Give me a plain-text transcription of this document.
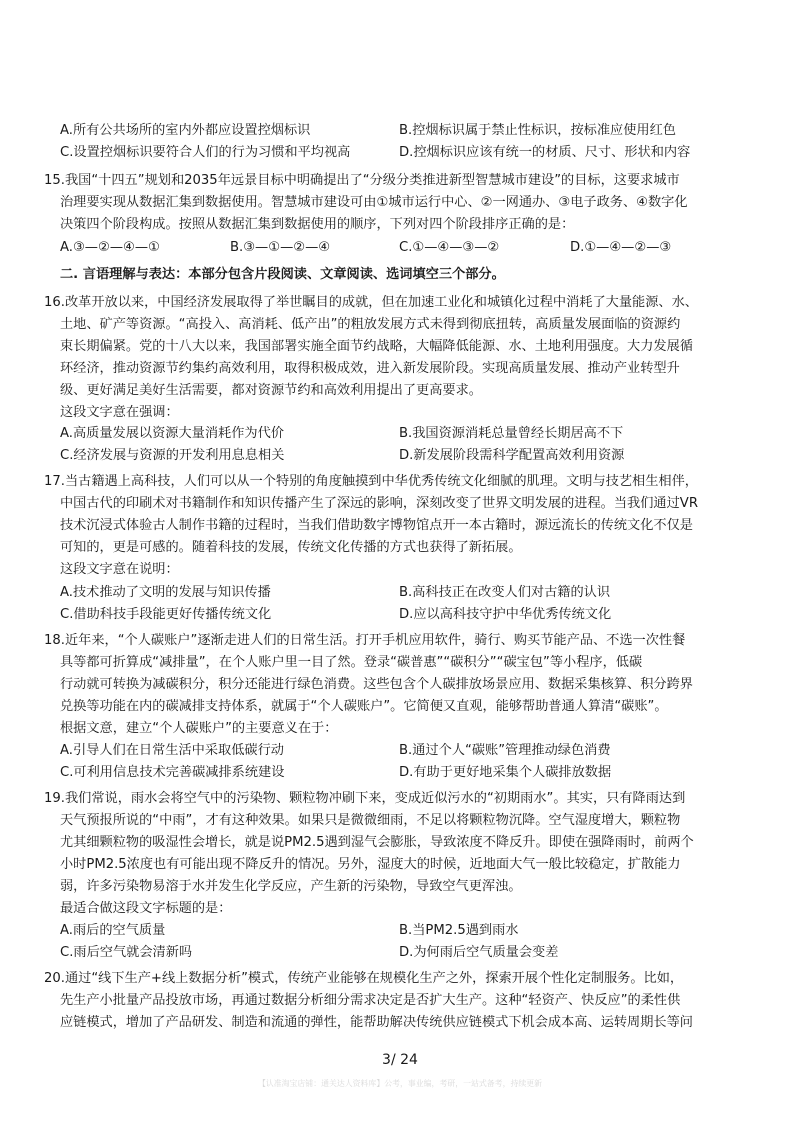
A.所有公共场所的室内外都应设置控烟标识	B.控烟标识属于禁止性标识，按标准应使用红色
C.设置控烟标识要符合人们的行为习惯和平均视高	D.控烟标识应该有统一的材质、尺寸、形状和内容
15.我国“十四五”规划和2035年远景目标中明确提出了“分级分类推进新型智慧城市建设”的目标，这要求城市
治理要实现从数据汇集到数据使用。智慧城市建设可由①城市运行中心、②一网通办、③电子政务、④数字化
决策四个阶段构成。按照从数据汇集到数据使用的顺序，下列对四个阶段排序正确的是：
A.③—②—④—①	B.③—①—②—④	C.①—④—③—②	D.①—④—②—③
二. 言语理解与表达：本部分包含片段阅读、文章阅读、选词填空三个部分。
16.改革开放以来，中国经济发展取得了举世瞩目的成就，但在加速工业化和城镇化过程中消耗了大量能源、水、
土地、矿产等资源。“高投入、高消耗、低产出”的粗放发展方式未得到彻底扭转，高质量发展面临的资源约
束长期偏紧。党的十八大以来，我国部署实施全面节约战略，大幅降低能源、水、土地利用强度。大力发展循
环经济，推动资源节约集约高效利用，取得积极成效，进入新发展阶段。实现高质量发展、推动产业转型升
级、更好满足美好生活需要，都对资源节约和高效利用提出了更高要求。
这段文字意在强调：
A.高质量发展以资源大量消耗作为代价	B.我国资源消耗总量曾经长期居高不下
C.经济发展与资源的开发利用息息相关	D.新发展阶段需科学配置高效利用资源
17.当古籍遇上高科技，人们可以从一个特别的角度触摸到中华优秀传统文化细腻的肌理。文明与技艺相生相伴，
中国古代的印刷术对书籍制作和知识传播产生了深远的影响，深刻改变了世界文明发展的进程。当我们通过VR
技术沉浸式体验古人制作书籍的过程时，当我们借助数字博物馆点开一本古籍时，源远流长的传统文化不仅是
可知的，更是可感的。随着科技的发展，传统文化传播的方式也获得了新拓展。
这段文字意在说明：
A.技术推动了文明的发展与知识传播	B.高科技正在改变人们对古籍的认识
C.借助科技手段能更好传播传统文化	D.应以高科技守护中华优秀传统文化
18.近年来，“个人碳账户”逐渐走进人们的日常生活。打开手机应用软件，骑行、购买节能产品、不选一次性餐
具等都可折算成“减排量”，在个人账户里一目了然。登录“碳普惠”“碳积分”“碳宝包”等小程序，低碳
行动就可转换为减碳积分，积分还能进行绿色消费。这些包含个人碳排放场景应用、数据采集核算、积分跨界
兑换等功能在内的碳减排支持体系，就属于“个人碳账户”。它简便又直观，能够帮助普通人算清“碳账”。
根据文意，建立“个人碳账户”的主要意义在于：
A.引导人们在日常生活中采取低碳行动	B.通过个人“碳账”管理推动绿色消费
C.可利用信息技术完善碳减排系统建设	D.有助于更好地采集个人碳排放数据
19.我们常说，雨水会将空气中的污染物、颗粒物冲刷下来，变成近似污水的“初期雨水”。其实，只有降雨达到
天气预报所说的“中雨”，才有这种效果。如果只是微微细雨，不足以将颗粒物沉降。空气湿度增大，颗粒物
尤其细颗粒物的吸湿性会增长，就是说PM2.5遇到湿气会膨胀，导致浓度不降反升。即使在强降雨时，前两个
小时PM2.5浓度也有可能出现不降反升的情况。另外，湿度大的时候，近地面大气一般比较稳定，扩散能力
弱，许多污染物易溶于水并发生化学反应，产生新的污染物，导致空气更浑浊。
最适合做这段文字标题的是：
A.雨后的空气质量	B.当PM2.5遇到雨水
C.雨后空气就会清新吗	D.为何雨后空气质量会变差
20.通过“线下生产+线上数据分析”模式，传统产业能够在规模化生产之外，探索开展个性化定制服务。比如，
先生产小批量产品投放市场，再通过数据分析细分需求决定是否扩大生产。这种“轻资产、快反应”的柔性供
应链模式，增加了产品研发、制造和流通的弹性，能帮助解决传统供应链模式下机会成本高、运转周期长等问
3/ 24
【认准淘宝店铺：通关达人资料库】公考，事业编，考研，一站式备考，持续更新
